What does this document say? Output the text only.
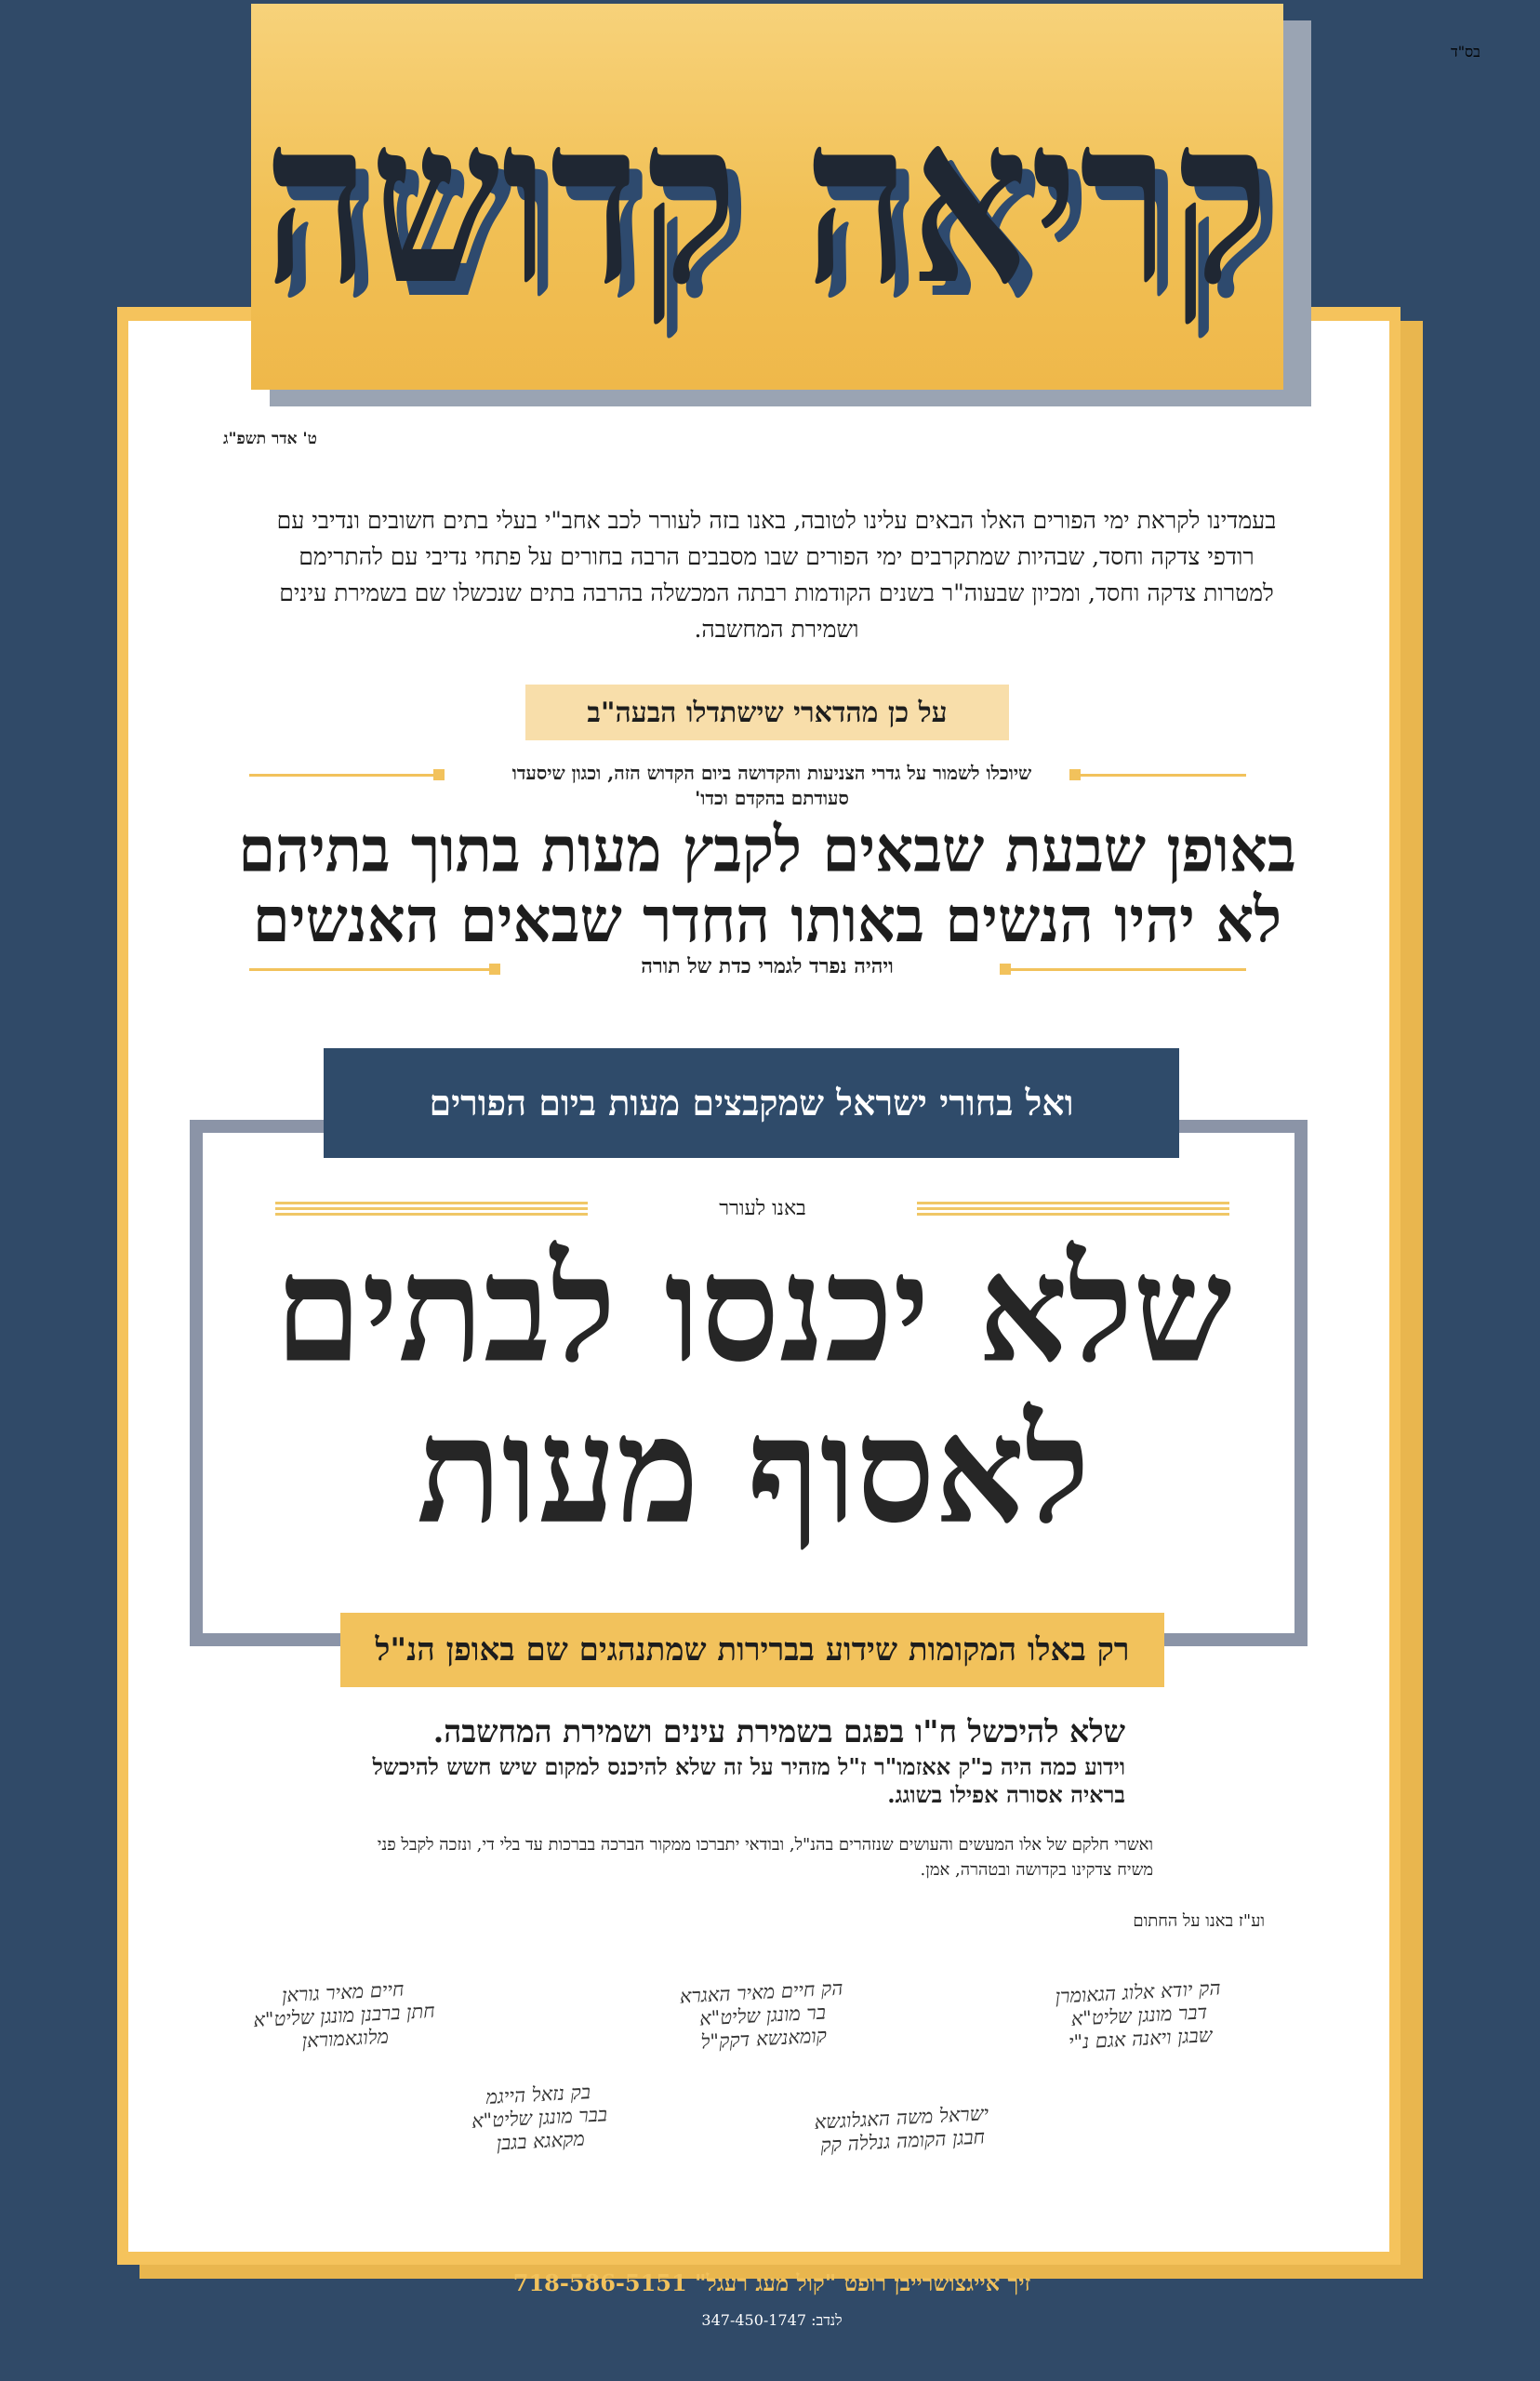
בס"ד
קריאה קדושה
ט' אדר תשפ"ג
בעמדינו לקראת ימי הפורים האלו הבאים עלינו לטובה, באנו בזה לעורר לכב אחב"י בעלי בתים חשובים ונדיבי עם רודפי צדקה וחסד, שבהיות שמתקרבים ימי הפורים שבו מסבבים הרבה בחורים על פתחי נדיבי עם להתרימם למטרות צדקה וחסד, ומכיון שבעוה"ר בשנים הקודמות רבתה המכשלה בהרבה בתים שנכשלו שם בשמירת עינים ושמירת המחשבה.
על כן מהדארי שישתדלו הבעה"ב
שיוכלו לשמור על גדרי הצניעות והקדושה ביום הקדוש הזה, וכגון שיסעדו סעודתם בהקדם וכדו'
באופן שבעת שבאים לקבץ מעות בתוך בתיהם
לא יהיו הנשים באותו החדר שבאים האנשים
ויהיה נפרד לגמרי כדת של תורה
ואל בחורי ישראל שמקבצים מעות ביום הפורים
באנו לעורר
שלא יכנסו לבתים
לאסוף מעות
רק באלו המקומות שידוע בברירות שמתנהגים שם באופן הנ"ל
שלא להיכשל ח"ו בפגם בשמירת עינים ושמירת המחשבה.
וידוע כמה היה כ"ק אאזמו"ר ז"ל מזהיר על זה שלא להיכנס למקום שיש חשש להיכשל בראיה אסורה אפילו בשוגג.
ואשרי חלקם של אלו המעשים והעושים שנזהרים בהנ"ל, ובודאי יתברכו ממקור הברכה בברכות עד בלי די, ונזכה לקבל פני משיח צדקינו בקדושה ובטהרה, אמן.
וע"ז באנו על החתום
﻿הק יודא אלוג הגאומרן
דבר מונגן שליט"א
שבגן ויאנה אגם נ"י
הק חיים מאיר האגרא
בר מונגן שליט"א
קומאנשא דקק"ל
חיים מאיר גוראן
חתן ברבנן מונגן שליט"א
מלוגאמוראן
בק נזאל הייגמ
בבר מונגן שליט"א
מקאגא בגבן
ישראל משה האגלוגשא
חבגן הקומה גנללה קק
זיך אייגצושרייבן רופט "קול מעג רעגל" 718-586-5151
לנדב: 347-450-1747
